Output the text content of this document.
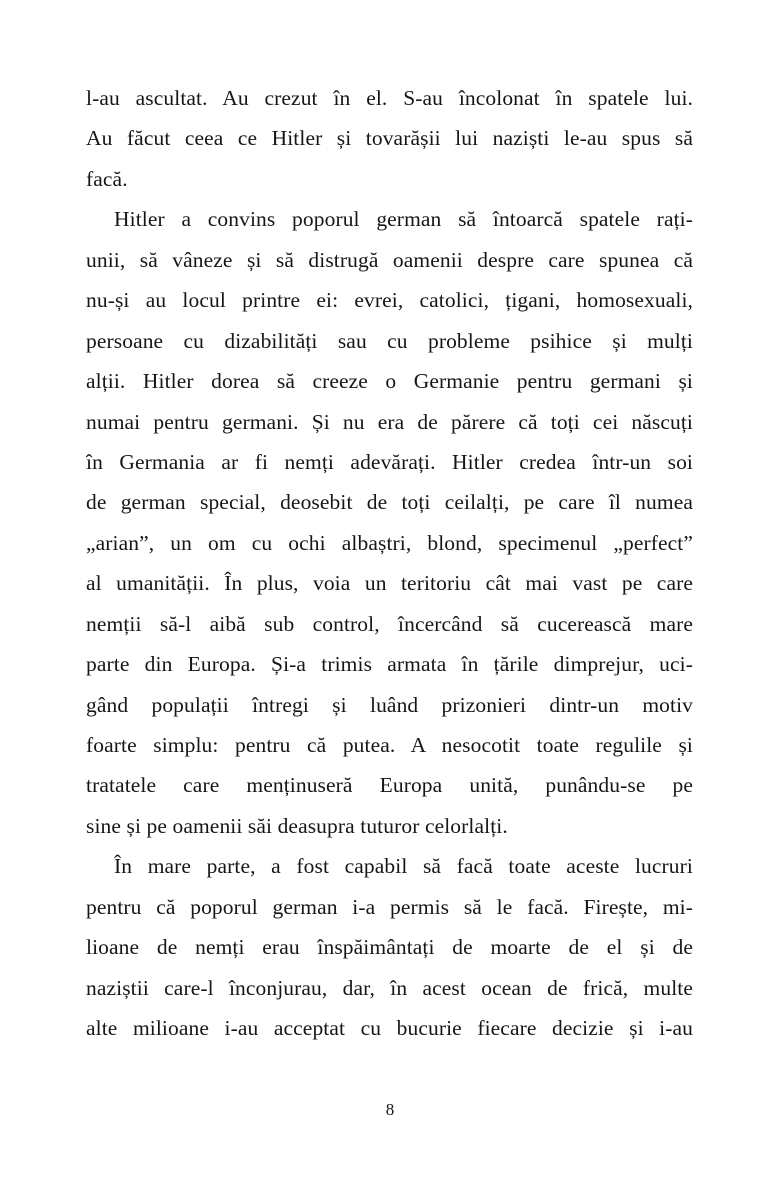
l-au ascultat. Au crezut în el. S-au încolonat în spatele lui.
Au făcut ceea ce Hitler și tovarășii lui naziști le-au spus să
facă.
Hitler a convins poporul german să întoarcă spatele rați-
unii, să vâneze și să distrugă oamenii despre care spunea că
nu-și au locul printre ei: evrei, catolici, țigani, homosexuali,
persoane cu dizabilități sau cu probleme psihice și mulți
alții. Hitler dorea să creeze o Germanie pentru germani și
numai pentru germani. Și nu era de părere că toți cei născuți
în Germania ar fi nemți adevărați. Hitler credea într-un soi
de german special, deosebit de toți ceilalți, pe care îl numea
„arian”, un om cu ochi albaștri, blond, specimenul „perfect”
al umanității. În plus, voia un teritoriu cât mai vast pe care
nemții să-l aibă sub control, încercând să cucerească mare
parte din Europa. Și-a trimis armata în țările dimprejur, uci-
gând populații întregi și luând prizonieri dintr-un motiv
foarte simplu: pentru că putea. A nesocotit toate regulile și
tratatele care menținuseră Europa unită, punându-se pe
sine și pe oamenii săi deasupra tuturor celorlalți.
În mare parte, a fost capabil să facă toate aceste lucruri
pentru că poporul german i-a permis să le facă. Firește, mi-
lioane de nemți erau înspăimântați de moarte de el și de
naziștii care-l înconjurau, dar, în acest ocean de frică, multe
alte milioane i-au acceptat cu bucurie fiecare decizie și i-au
8
